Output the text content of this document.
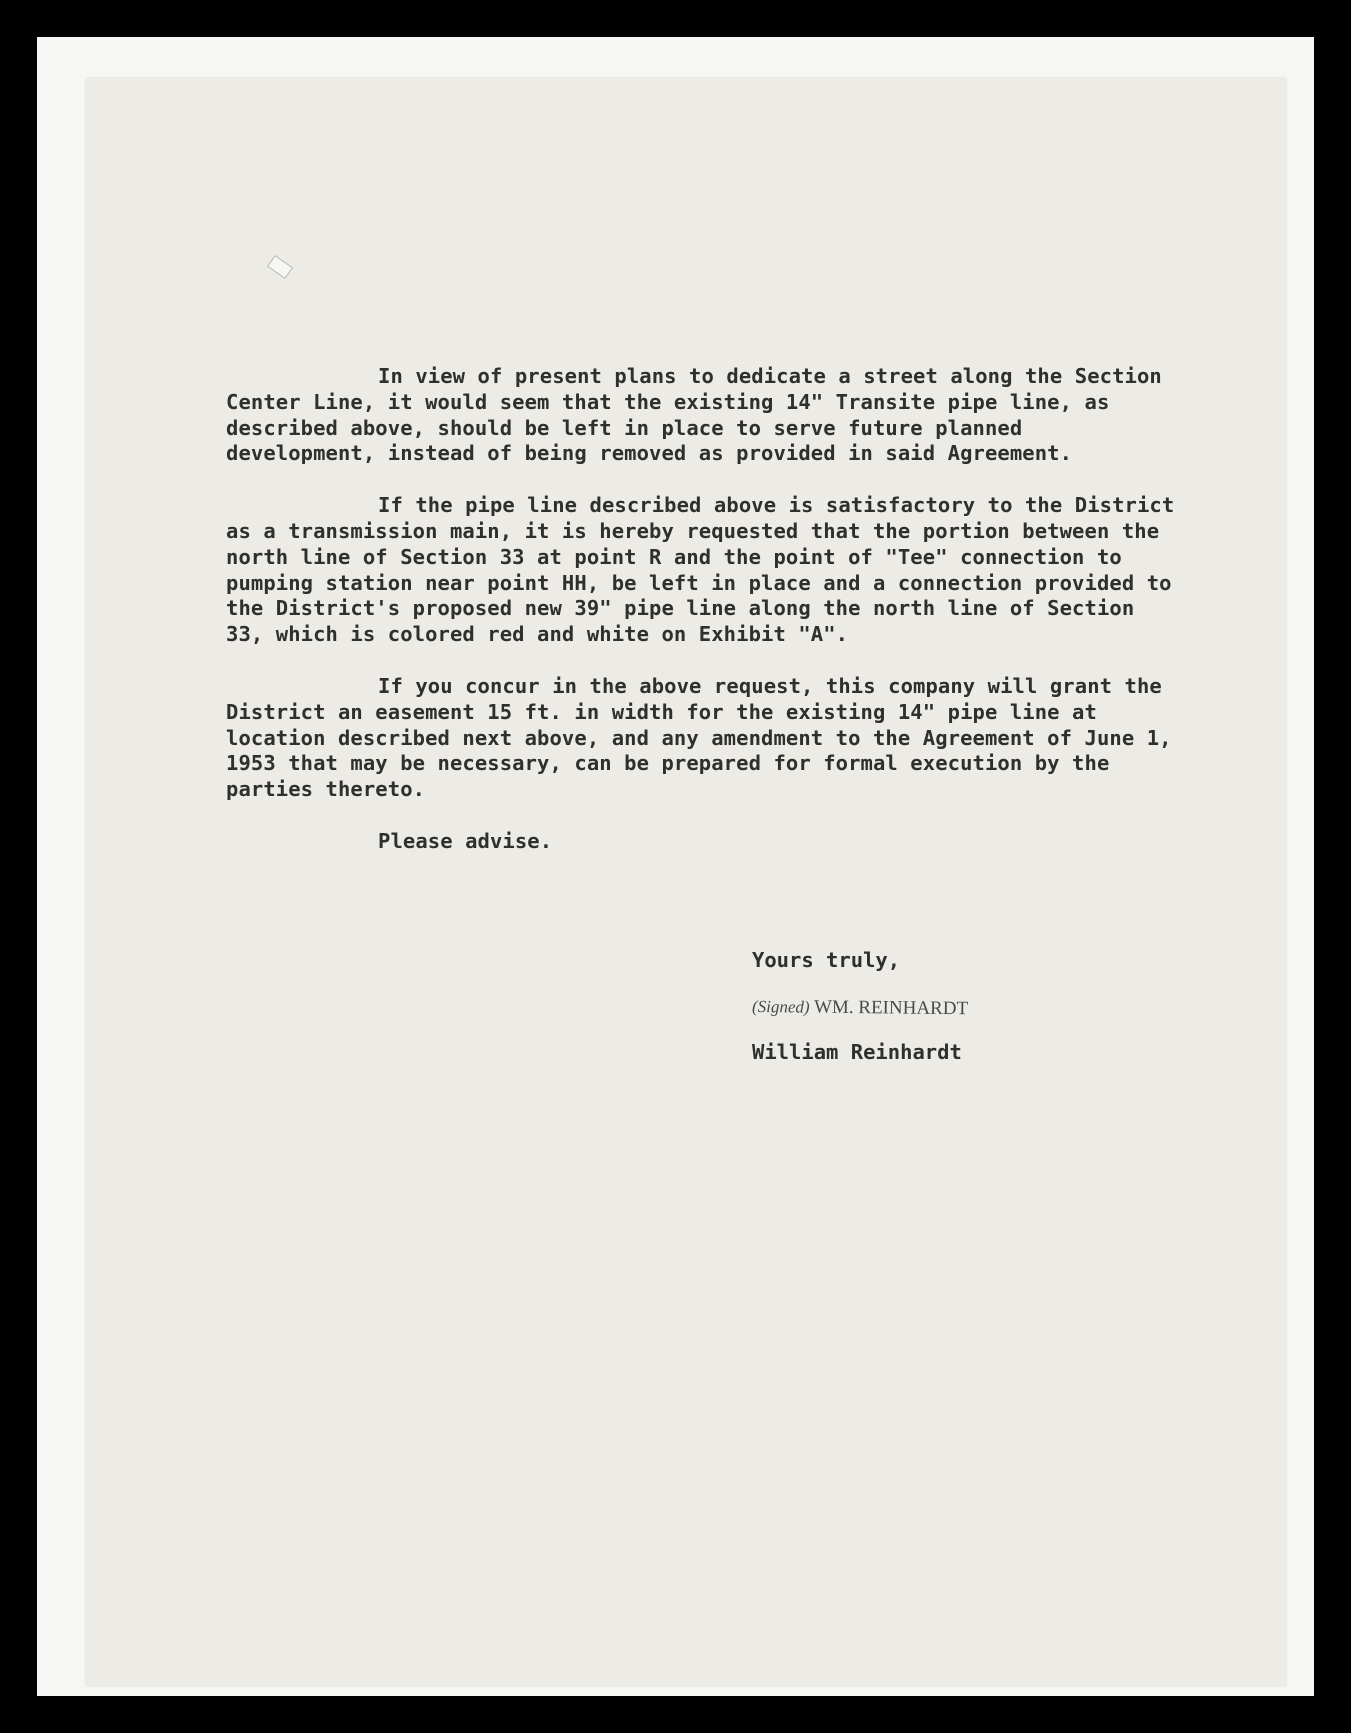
In view of present plans to dedicate a street along the Section Center Line, it would seem that the existing 14" Transite pipe line, as described above, should be left in place to serve future planned development, instead of being removed as provided in said Agreement.

If the pipe line described above is satisfactory to the District as a transmission main, it is hereby requested that the portion between the north line of Section 33 at point R and the point of "Tee" connection to pumping station near point HH, be left in place and a connection provided to the District's proposed new 39" pipe line along the north line of Section 33, which is colored red and white on Exhibit "A".

If you concur in the above request, this company will grant the District an easement 15 ft. in width for the existing 14" pipe line at location described next above, and any amendment to the Agreement of June 1, 1953 that may be necessary, can be prepared for formal execution by the parties thereto.

Please advise.

Yours truly,
(Signed) WM. REINHARDT
William Reinhardt
